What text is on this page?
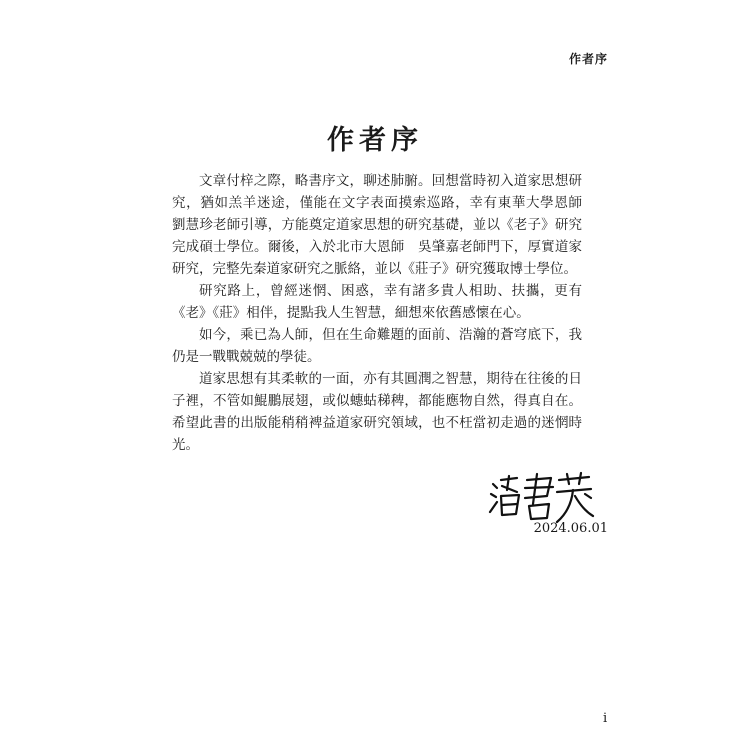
作者序
作者序

文章付梓之際，略書序文，聊述肺腑。回想當時初入道家思想研究，猶如羔羊迷途，僅能在文字表面摸索巡路，幸有東華大學恩師　劉慧珍老師引導，方能奠定道家思想的研究基礎，並以《老子》研究完成碩士學位。爾後，入於北市大恩師　吳肇嘉老師門下，厚實道家研究，完整先秦道家研究之脈絡，並以《莊子》研究獲取博士學位。

研究路上，曾經迷惘、困惑，幸有諸多貴人相助、扶攜，更有《老》《莊》相伴，提點我人生智慧，細想來依舊感懷在心。

如今，乘已為人師，但在生命難題的面前、浩瀚的蒼穹底下，我仍是一戰戰兢兢的學徒。

道家思想有其柔軟的一面，亦有其圓潤之智慧，期待在往後的日子裡，不管如鯤鵬展翅，或似蟪蛄稊稗，都能應物自然，得真自在。希望此書的出版能稍稍裨益道家研究領域，也不枉當初走過的迷惘時光。

2024.06.01
i
